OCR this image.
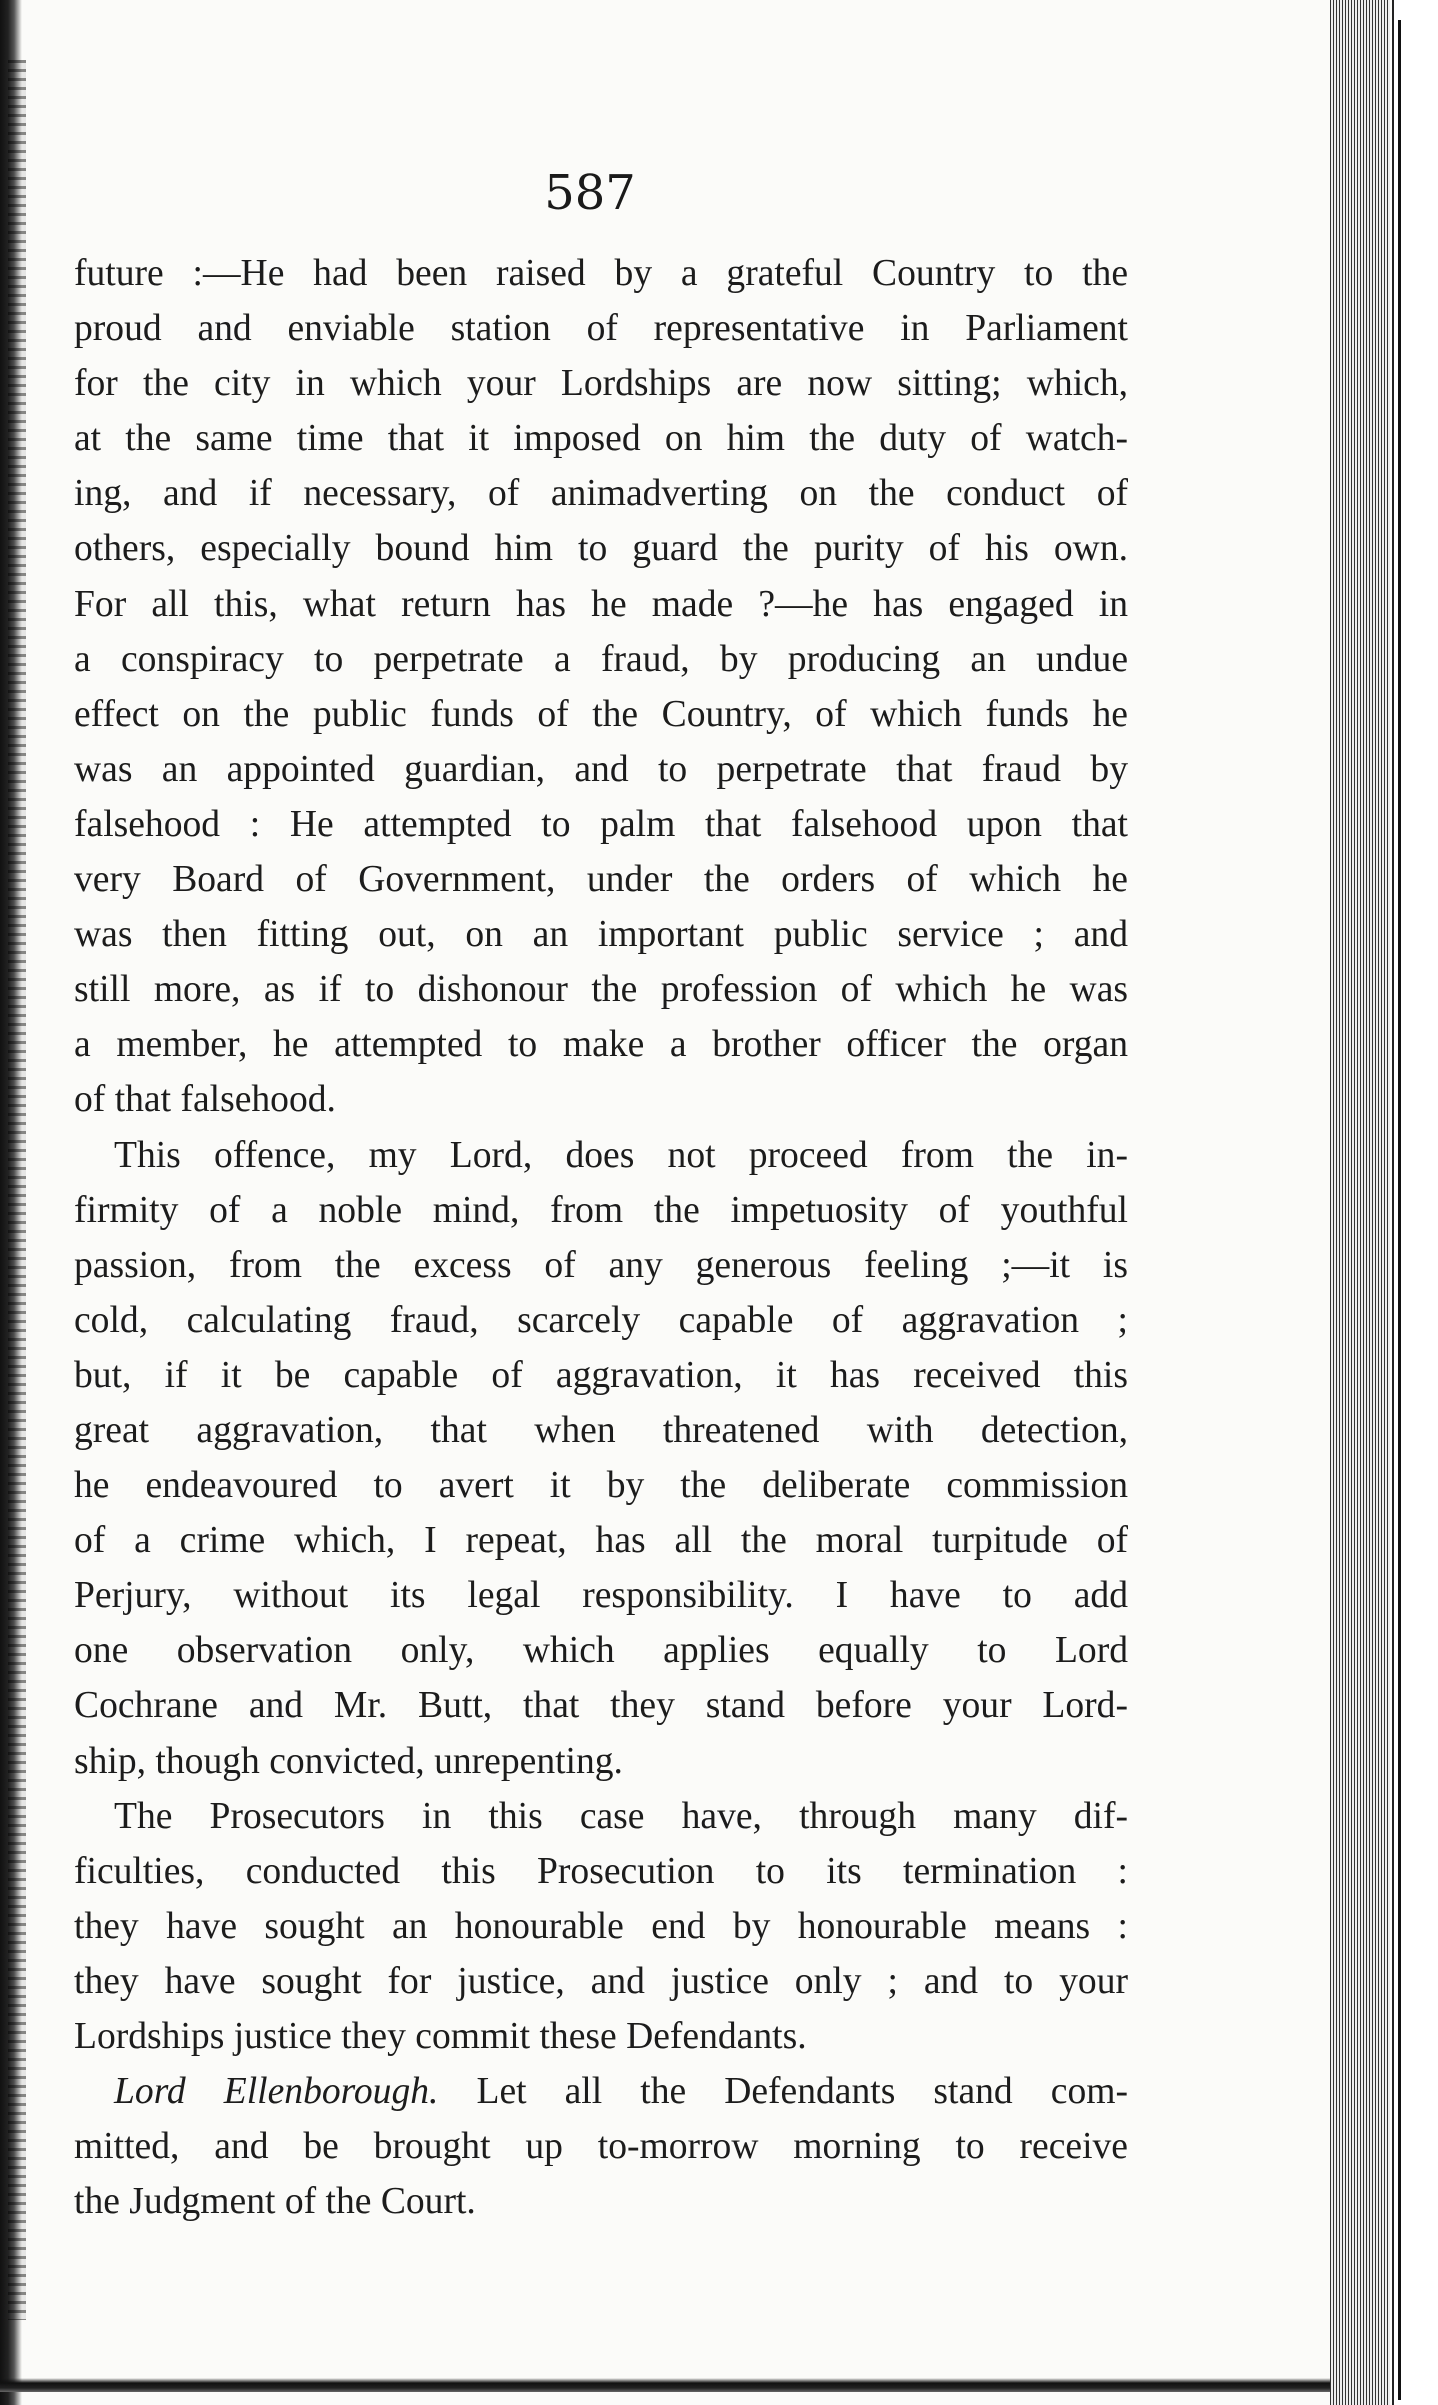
587

future :—He had been raised by a grateful Country to the
proud and enviable station of representative in Parliament
for the city in which your Lordships are now sitting; which,
at the same time that it imposed on him the duty of watch-
ing, and if necessary, of animadverting on the conduct of
others, especially bound him to guard the purity of his own.
For all this, what return has he made ?—he has engaged in
a conspiracy to perpetrate a fraud, by producing an undue
effect on the public funds of the Country, of which funds he
was an appointed guardian, and to perpetrate that fraud by
falsehood : He attempted to palm that falsehood upon that
very Board of Government, under the orders of which he
was then fitting out, on an important public service ; and
still more, as if to dishonour the profession of which he was
a member, he attempted to make a brother officer the organ
of that falsehood.

This offence, my Lord, does not proceed from the in-
firmity of a noble mind, from the impetuosity of youthful
passion, from the excess of any generous feeling ;—it is
cold, calculating fraud, scarcely capable of aggravation ;
but, if it be capable of aggravation, it has received this
great aggravation, that when threatened with detection,
he endeavoured to avert it by the deliberate commission
of a crime which, I repeat, has all the moral turpitude of
Perjury, without its legal responsibility. I have to add
one observation only, which applies equally to Lord
Cochrane and Mr. Butt, that they stand before your Lord-
ship, though convicted, unrepenting.

The Prosecutors in this case have, through many dif-
ficulties, conducted this Prosecution to its termination :
they have sought an honourable end by honourable means :
they have sought for justice, and justice only ; and to your
Lordships justice they commit these Defendants.

Lord Ellenborough. Let all the Defendants stand com-
mitted, and be brought up to-morrow morning to receive
the Judgment of the Court.
